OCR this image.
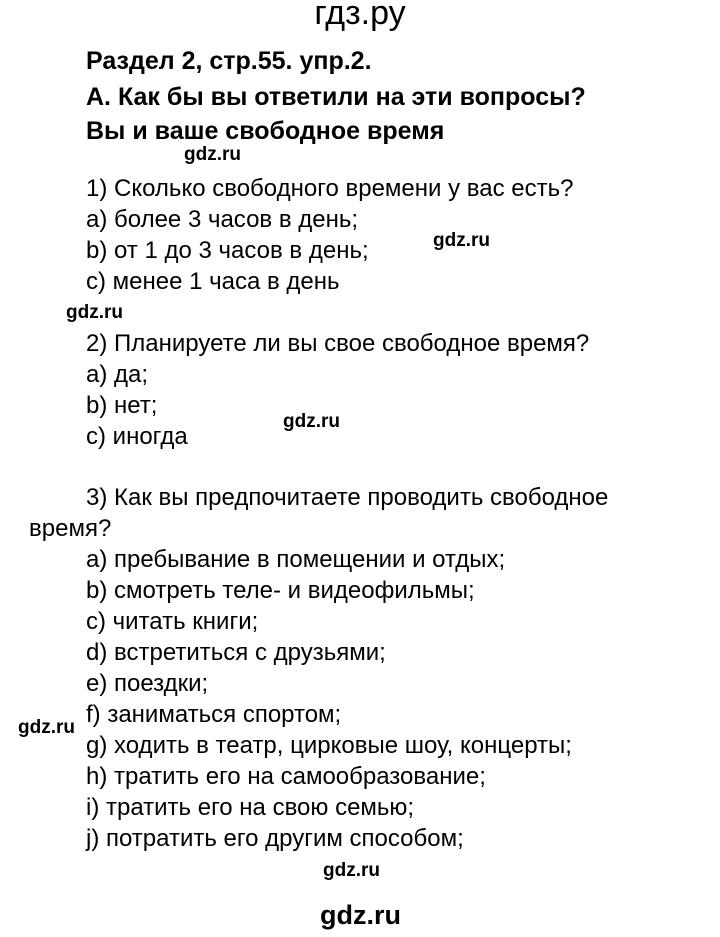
гдз.ру
Раздел 2, стр.55. упр.2.
A. Как бы вы ответили на эти вопросы?
Вы и ваше свободное время
gdz.ru
1) Сколько свободного времени у вас есть?
a) более 3 часов в день;
b) от 1 до 3 часов в день;
c) менее 1 часа в день
gdz.ru
gdz.ru
2) Планируете ли вы свое свободное время?
a) да;
b) нет;
c) иногда
gdz.ru
3) Как вы предпочитаете проводить свободное
время?
a) пребывание в помещении и отдых;
b) смотреть теле- и видеофильмы;
c) читать книги;
d) встретиться с друзьями;
e) поездки;
f) заниматься спортом;
g) ходить в театр, цирковые шоу, концерты;
h) тратить его на самообразование;
i) тратить его на свою семью;
j) потратить его другим способом;
gdz.ru
gdz.ru
gdz.ru
